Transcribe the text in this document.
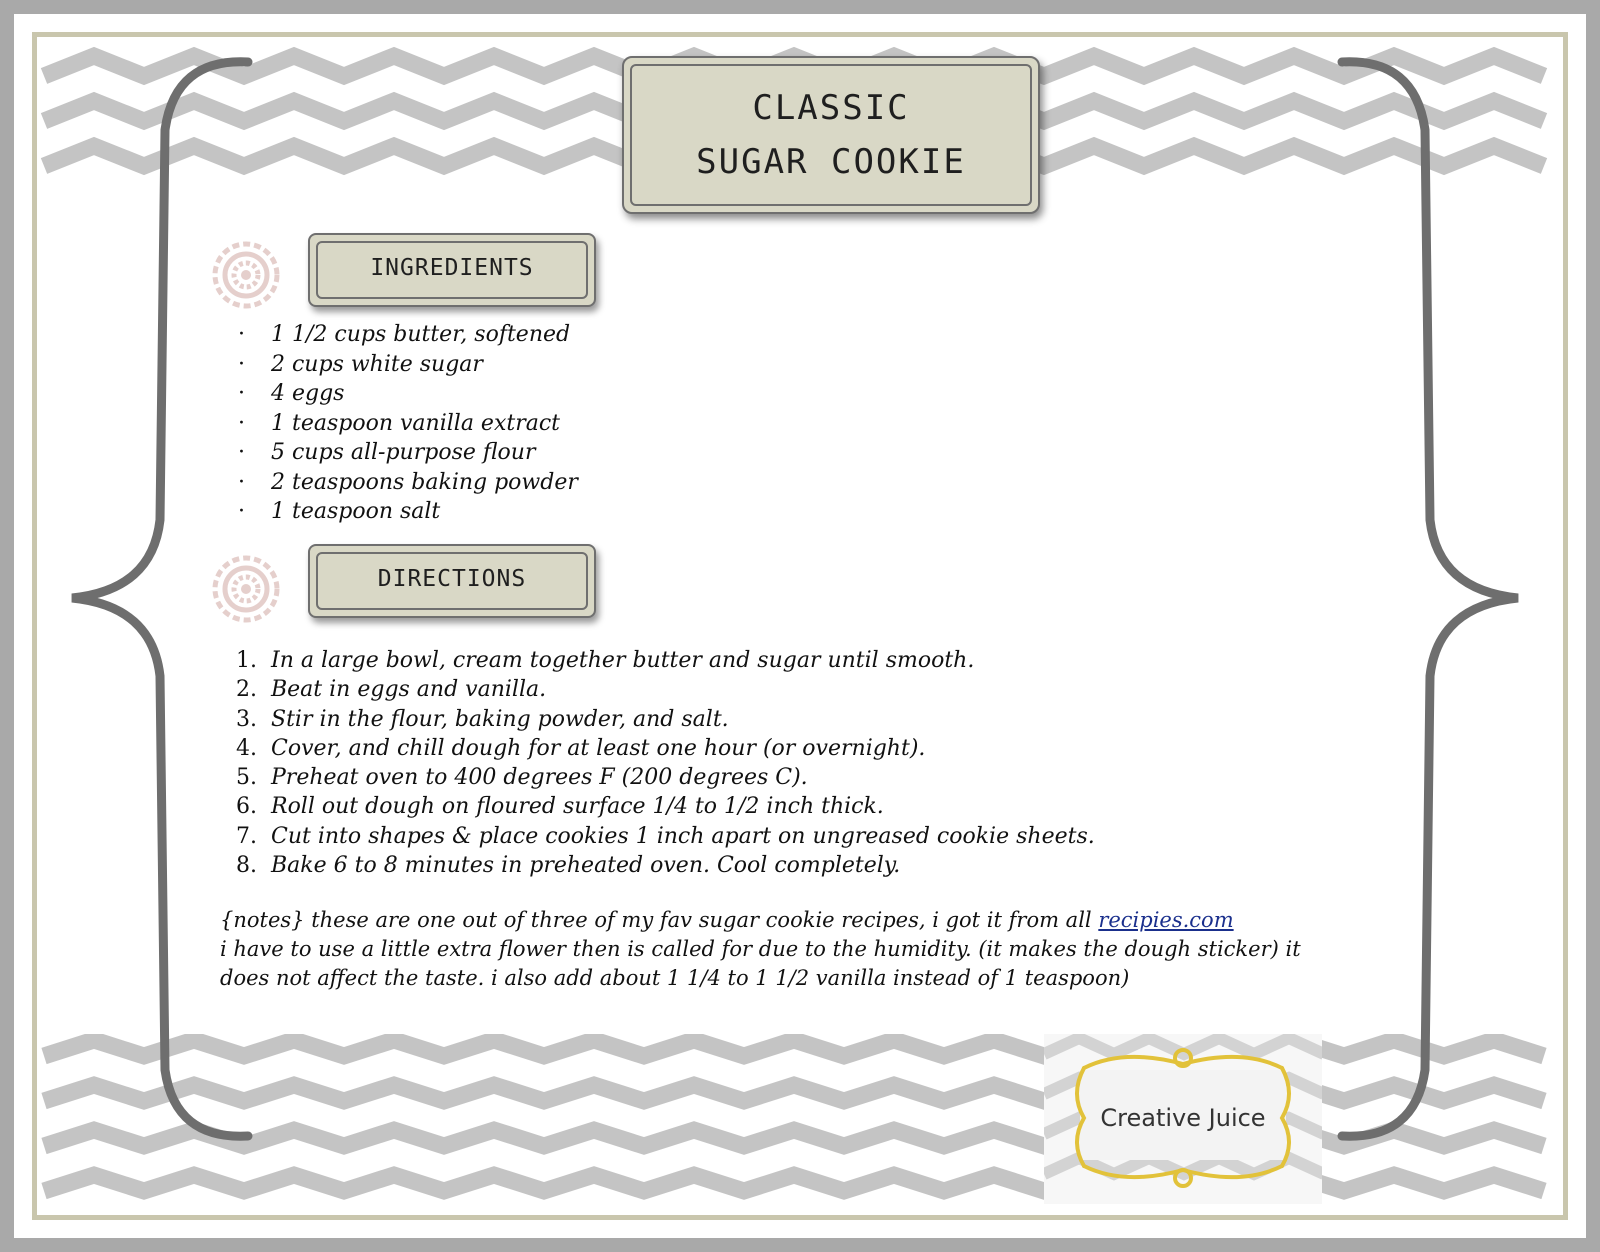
CLASSIC
SUGAR COOKIE
INGREDIENTS
· 1 1/2 cups butter, softened
· 2 cups white sugar
· 4 eggs
· 1 teaspoon vanilla extract
· 5 cups all-purpose flour
· 2 teaspoons baking powder
· 1 teaspoon salt
DIRECTIONS
1. In a large bowl, cream together butter and sugar until smooth.
2. Beat in eggs and vanilla.
3. Stir in the flour, baking powder, and salt.
4. Cover, and chill dough for at least one hour (or overnight).
5. Preheat oven to 400 degrees F (200 degrees C).
6. Roll out dough on floured surface 1/4 to 1/2 inch thick.
7. Cut into shapes & place cookies 1 inch apart on ungreased cookie sheets.
8. Bake 6 to 8 minutes in preheated oven. Cool completely.
{notes} these are one out of three of my fav sugar cookie recipes, i got it from all recipies.com
i have to use a little extra flower then is called for due to the humidity. (it makes the dough sticker) it
does not affect the taste. i also add about 1 1/4 to 1 1/2 vanilla instead of 1 teaspoon)
Creative Juice
